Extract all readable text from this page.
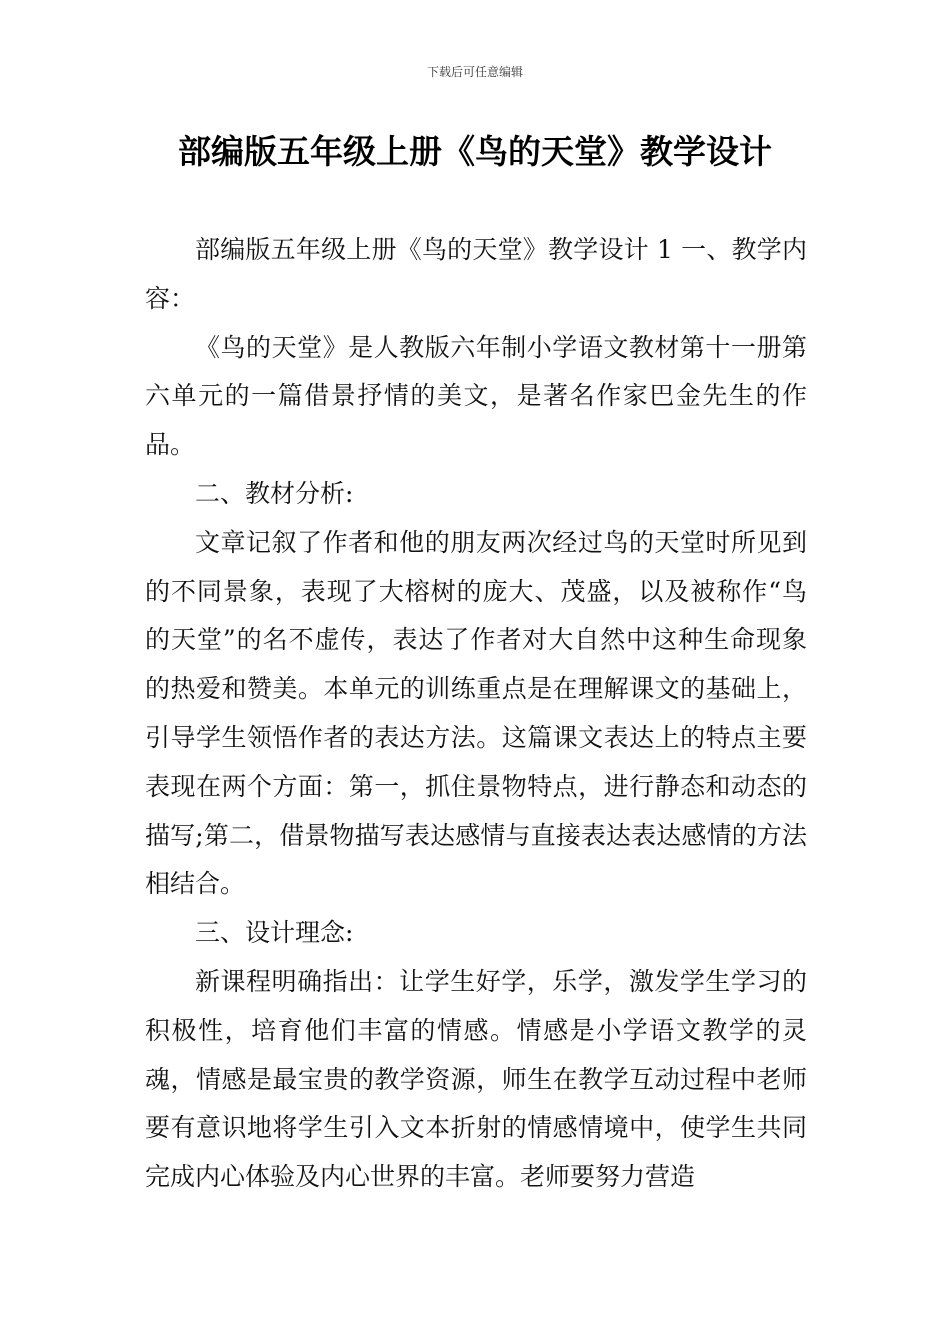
下载后可任意编辑
部编版五年级上册《鸟的天堂》教学设计

部编版五年级上册《鸟的天堂》教学设计 1 一、教学内容：

《鸟的天堂》是人教版六年制小学语文教材第十一册第六单元的一篇借景抒情的美文，是著名作家巴金先生的作品。

二、教材分析:

文章记叙了作者和他的朋友两次经过鸟的天堂时所见到的不同景象，表现了大榕树的庞大、茂盛，以及被称作“鸟的天堂”的名不虚传，表达了作者对大自然中这种生命现象的热爱和赞美。本单元的训练重点是在理解课文的基础上，引导学生领悟作者的表达方法。这篇课文表达上的特点主要表现在两个方面：第一，抓住景物特点，进行静态和动态的描写;第二，借景物描写表达感情与直接表达表达感情的方法相结合。

三、设计理念:

新课程明确指出：让学生好学，乐学，激发学生学习的积极性，培育他们丰富的情感。情感是小学语文教学的灵魂，情感是最宝贵的教学资源，师生在教学互动过程中老师要有意识地将学生引入文本折射的情感情境中，使学生共同完成内心体验及内心世界的丰富。老师要努力营造
